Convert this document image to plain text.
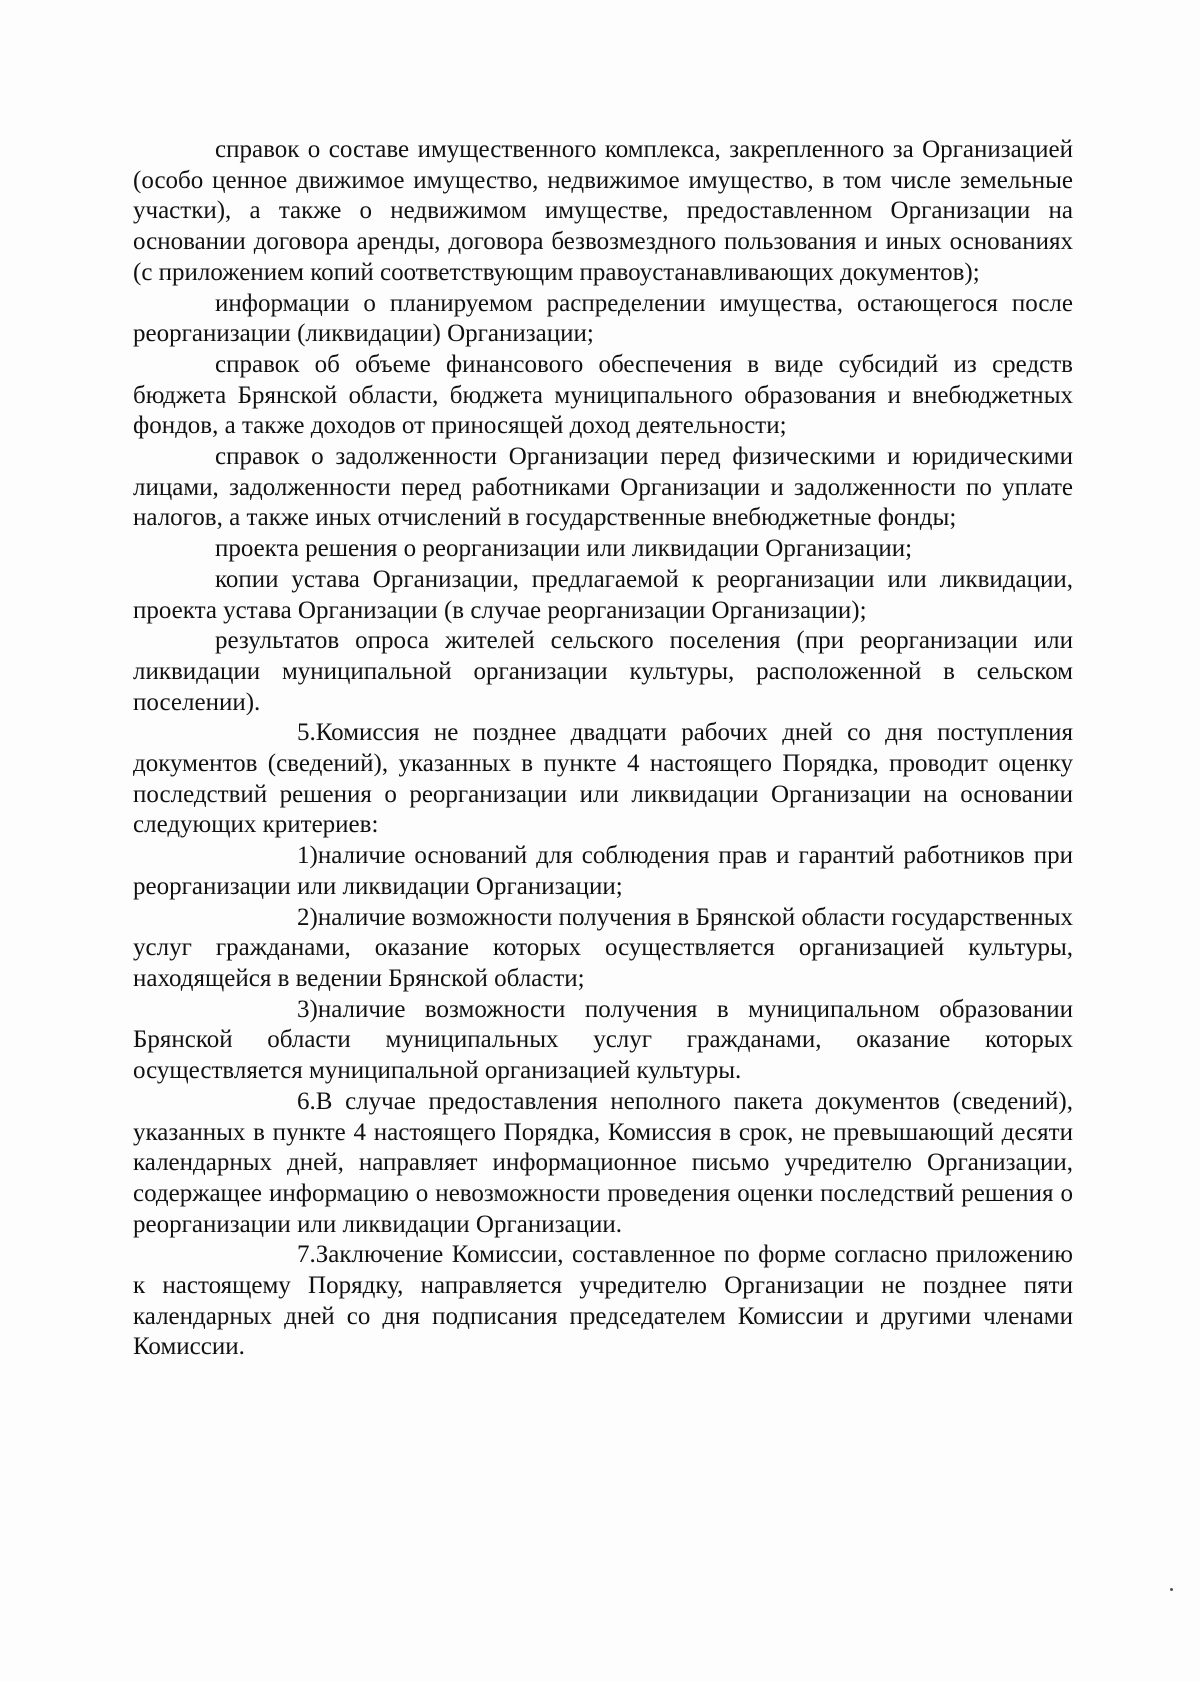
справок о составе имущественного комплекса, закрепленного за Организацией (особо ценное движимое имущество, недвижимое имущество, в том числе земельные участки), а также о недвижимом имуществе, предоставленном Организации на основании договора аренды, договора безвозмездного пользования и иных основаниях (с приложением копий соответствующим правоустанавливающих документов);

информации о планируемом распределении имущества, остающегося после реорганизации (ликвидации) Организации;

справок об объеме финансового обеспечения в виде субсидий из средств бюджета Брянской области, бюджета муниципального образования и внебюджетных фондов, а также доходов от приносящей доход деятельности;

справок о задолженности Организации перед физическими и юридическими лицами, задолженности перед работниками Организации и задолженности по уплате налогов, а также иных отчислений в государственные внебюджетные фонды;

проекта решения о реорганизации или ликвидации Организации;

копии устава Организации, предлагаемой к реорганизации или ликвидации, проекта устава Организации (в случае реорганизации Организации);

результатов опроса жителей сельского поселения (при реорганизации или ликвидации муниципальной организации культуры, расположенной в сельском поселении).

5.Комиссия не позднее двадцати рабочих дней со дня поступления документов (сведений), указанных в пункте 4 настоящего Порядка, проводит оценку последствий решения о реорганизации или ликвидации Организации на основании следующих критериев:

1)наличие оснований для соблюдения прав и гарантий работников при реорганизации или ликвидации Организации;

2)наличие возможности получения в Брянской области государственных услуг гражданами, оказание которых осуществляется организацией культуры, находящейся в ведении Брянской области;

3)наличие возможности получения в муниципальном образовании Брянской области муниципальных услуг гражданами, оказание которых осуществляется муниципальной организацией культуры.

6.В случае предоставления неполного пакета документов (сведений), указанных в пункте 4 настоящего Порядка, Комиссия в срок, не превышающий десяти календарных дней, направляет информационное письмо учредителю Организации, содержащее информацию о невозможности проведения оценки последствий решения о реорганизации или ликвидации Организации.

7.Заключение Комиссии, составленное по форме согласно приложению к настоящему Порядку, направляется учредителю Организации не позднее пяти календарных дней со дня подписания председателем Комиссии и другими членами Комиссии.
